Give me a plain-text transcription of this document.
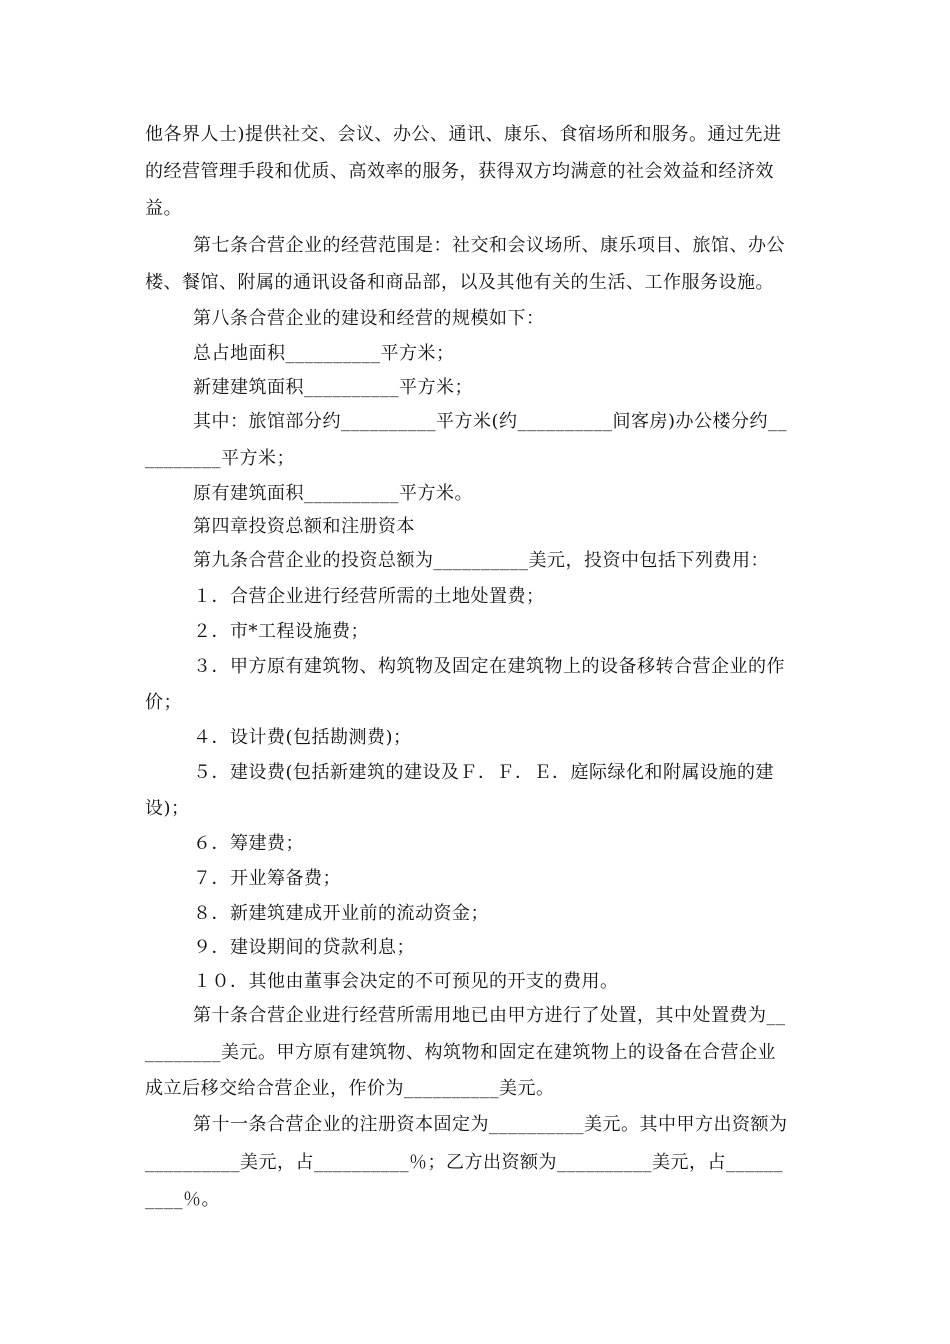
他各界人士)提供社交、会议、办公、通讯、康乐、食宿场所和服务。通过先进
的经营管理手段和优质、高效率的服务，获得双方均满意的社会效益和经济效
益。
第七条合营企业的经营范围是：社交和会议场所、康乐项目、旅馆、办公
楼、餐馆、附属的通讯设备和商品部，以及其他有关的生活、工作服务设施。
第八条合营企业的建设和经营的规模如下：
总占地面积__________平方米；
新建建筑面积__________平方米；
其中：旅馆部分约__________平方米(约__________间客房)办公楼分约__
________平方米；
原有建筑面积__________平方米。
第四章投资总额和注册资本
第九条合营企业的投资总额为__________美元，投资中包括下列费用：
１．合营企业进行经营所需的土地处置费；
２．市*工程设施费；
３．甲方原有建筑物、构筑物及固定在建筑物上的设备移转合营企业的作
价；
４．设计费(包括勘测费)；
５．建设费(包括新建筑的建设及Ｆ．Ｆ．Ｅ．庭际绿化和附属设施的建
设)；
６．筹建费；
７．开业筹备费；
８．新建筑建成开业前的流动资金；
９．建设期间的贷款利息；
１０．其他由董事会决定的不可预见的开支的费用。
第十条合营企业进行经营所需用地已由甲方进行了处置，其中处置费为__
________美元。甲方原有建筑物、构筑物和固定在建筑物上的设备在合营企业
成立后移交给合营企业，作价为__________美元。
第十一条合营企业的注册资本固定为__________美元。其中甲方出资额为
__________美元，占__________％；乙方出资额为__________美元，占______
____％。
